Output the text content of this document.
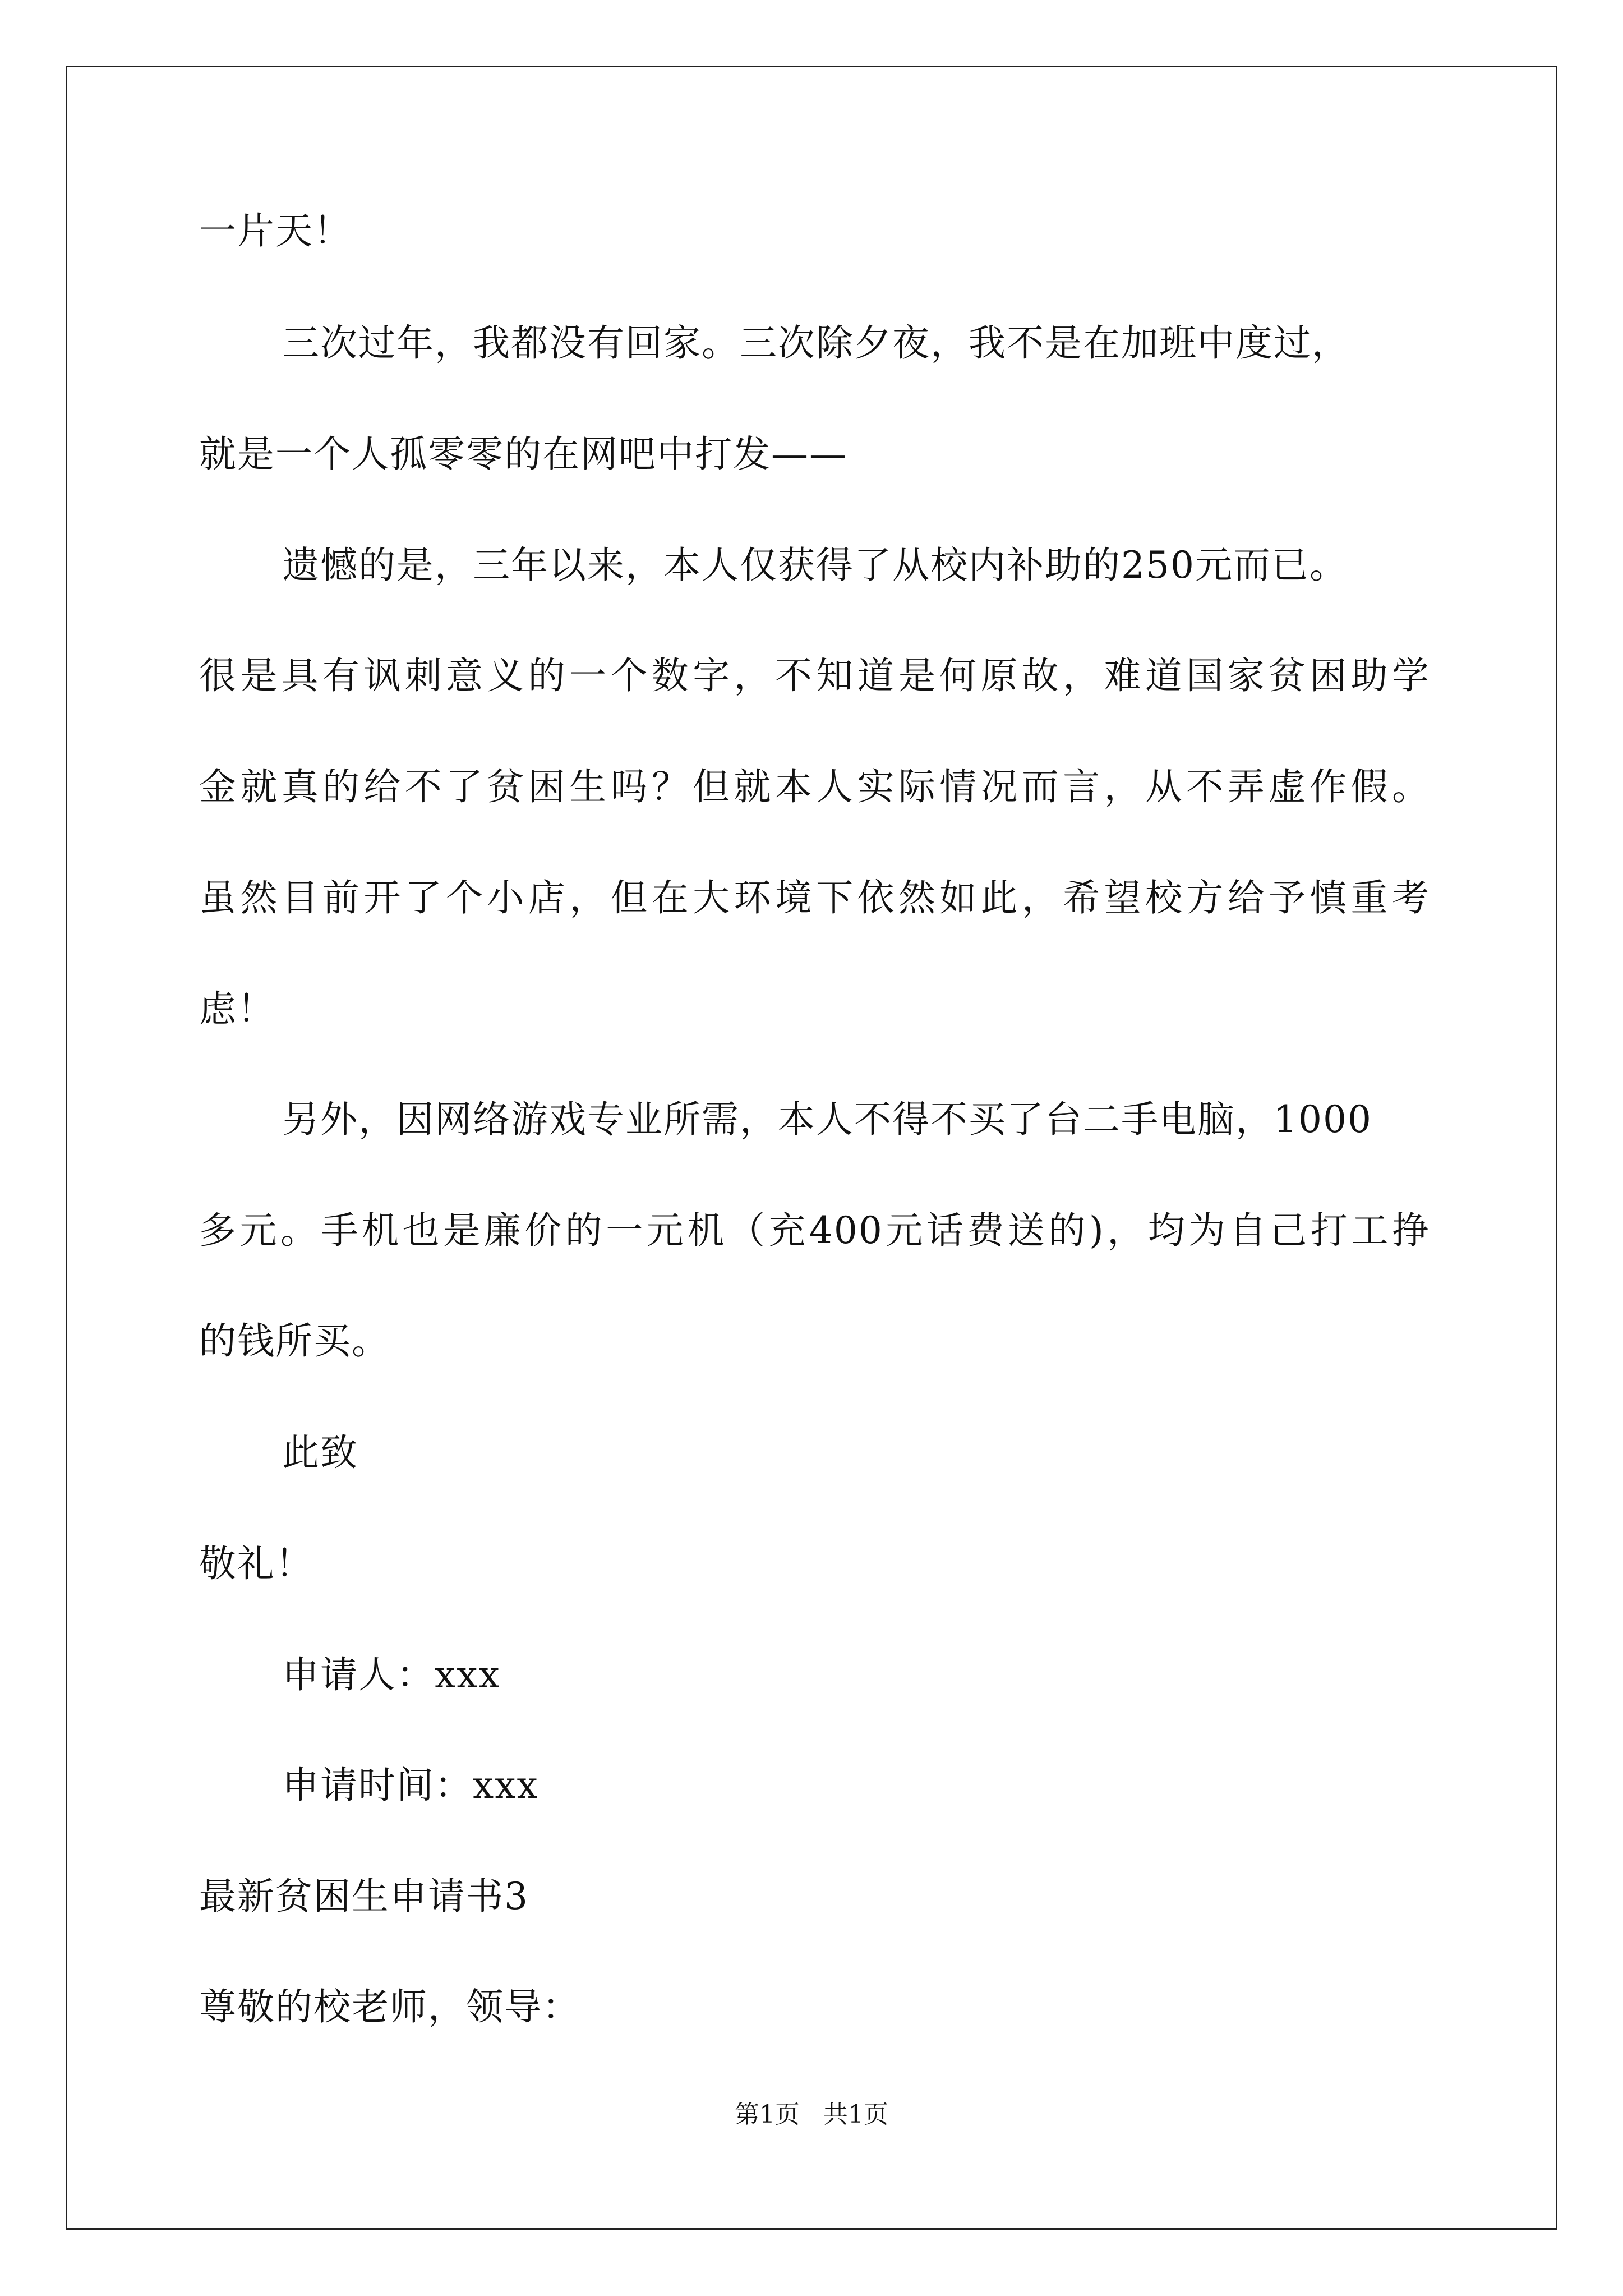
一片天！
三次过年，我都没有回家。三次除夕夜，我不是在加班中度过，
就是一个人孤零零的在网吧中打发——
遗憾的是，三年以来，本人仅获得了从校内补助的250元而已。
很是具有讽刺意义的一个数字，不知道是何原故，难道国家贫困助学
金就真的给不了贫困生吗？但就本人实际情况而言，从不弄虚作假。
虽然目前开了个小店，但在大环境下依然如此，希望校方给予慎重考
虑！
另外，因网络游戏专业所需，本人不得不买了台二手电脑，1000
多元。手机也是廉价的一元机（充400元话费送的)，均为自己打工挣
的钱所买。
此致
敬礼！
申请人：xxx
申请时间：xxx
最新贫困生申请书3
尊敬的校老师，领导：
第1页   共1页
